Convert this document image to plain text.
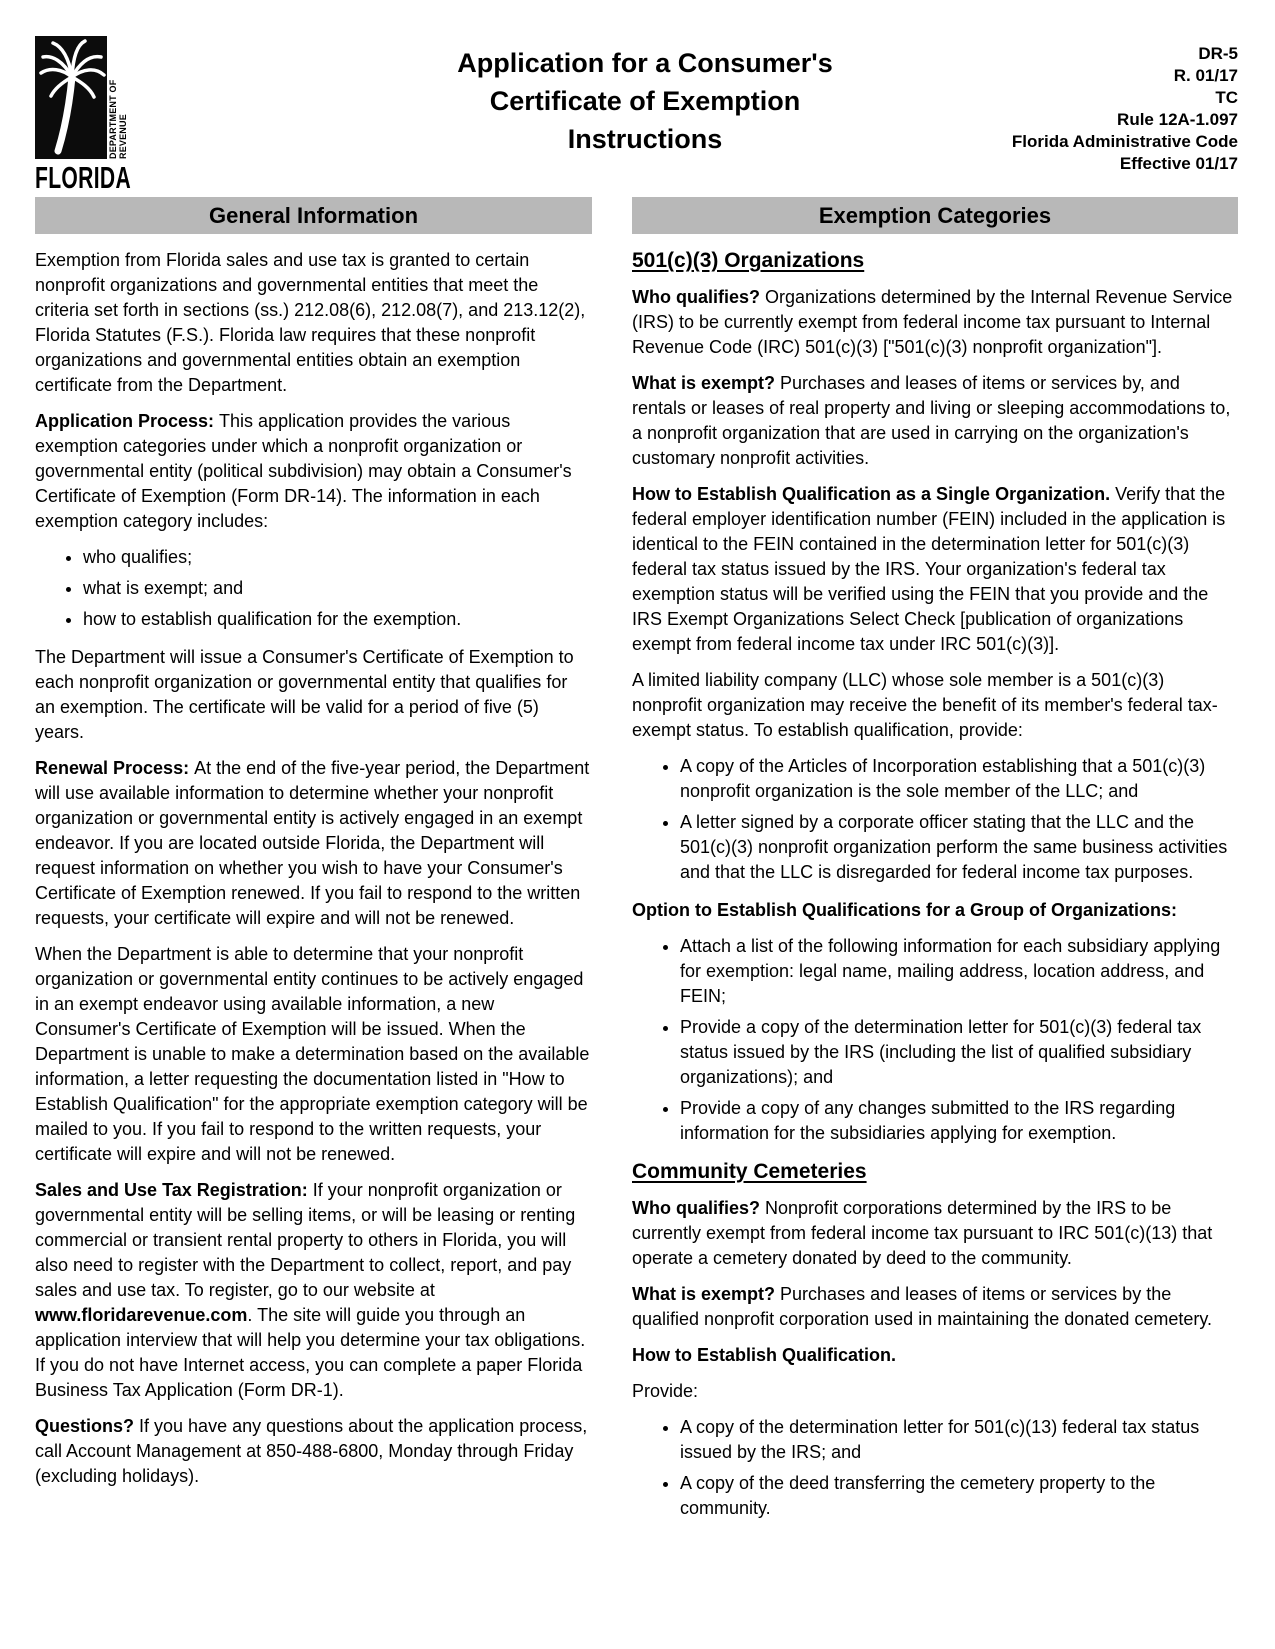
DEPARTMENT OF REVENUE
FLORIDA
Application for a Consumer's
Certificate of Exemption
Instructions
DR-5
R. 01/17
TC
Rule 12A-1.097
Florida Administrative Code
Effective 01/17
General Information

Exemption from Florida sales and use tax is granted to certain nonprofit organizations and governmental entities that meet the criteria set forth in sections (ss.) 212.08(6), 212.08(7), and 213.12(2), Florida Statutes (F.S.). Florida law requires that these nonprofit organizations and governmental entities obtain an exemption certificate from the Department.

Application Process: This application provides the various exemption categories under which a nonprofit organization or governmental entity (political subdivision) may obtain a Consumer's Certificate of Exemption (Form DR-14). The information in each exemption category includes:

• who qualifies;
• what is exempt; and
• how to establish qualification for the exemption.

The Department will issue a Consumer's Certificate of Exemption to each nonprofit organization or governmental entity that qualifies for an exemption. The certificate will be valid for a period of five (5) years.

Renewal Process: At the end of the five-year period, the Department will use available information to determine whether your nonprofit organization or governmental entity is actively engaged in an exempt endeavor. If you are located outside Florida, the Department will request information on whether you wish to have your Consumer's Certificate of Exemption renewed. If you fail to respond to the written requests, your certificate will expire and will not be renewed.

When the Department is able to determine that your nonprofit organization or governmental entity continues to be actively engaged in an exempt endeavor using available information, a new Consumer's Certificate of Exemption will be issued. When the Department is unable to make a determination based on the available information, a letter requesting the documentation listed in "How to Establish Qualification" for the appropriate exemption category will be mailed to you. If you fail to respond to the written requests, your certificate will expire and will not be renewed.

Sales and Use Tax Registration: If your nonprofit organization or governmental entity will be selling items, or will be leasing or renting commercial or transient rental property to others in Florida, you will also need to register with the Department to collect, report, and pay sales and use tax. To register, go to our website at www.floridarevenue.com. The site will guide you through an application interview that will help you determine your tax obligations. If you do not have Internet access, you can complete a paper Florida Business Tax Application (Form DR-1).

Questions? If you have any questions about the application process, call Account Management at 850-488-6800, Monday through Friday (excluding holidays).

Exemption Categories
501(c)(3) Organizations

Who qualifies? Organizations determined by the Internal Revenue Service (IRS) to be currently exempt from federal income tax pursuant to Internal Revenue Code (IRC) 501(c)(3) ["501(c)(3) nonprofit organization"].

What is exempt? Purchases and leases of items or services by, and rentals or leases of real property and living or sleeping accommodations to, a nonprofit organization that are used in carrying on the organization's customary nonprofit activities.

How to Establish Qualification as a Single Organization. Verify that the federal employer identification number (FEIN) included in the application is identical to the FEIN contained in the determination letter for 501(c)(3) federal tax status issued by the IRS. Your organization's federal tax exemption status will be verified using the FEIN that you provide and the IRS Exempt Organizations Select Check [publication of organizations exempt from federal income tax under IRC 501(c)(3)].

A limited liability company (LLC) whose sole member is a 501(c)(3) nonprofit organization may receive the benefit of its member's federal tax-exempt status. To establish qualification, provide:

• A copy of the Articles of Incorporation establishing that a 501(c)(3) nonprofit organization is the sole member of the LLC; and
• A letter signed by a corporate officer stating that the LLC and the 501(c)(3) nonprofit organization perform the same business activities and that the LLC is disregarded for federal income tax purposes.

Option to Establish Qualifications for a Group of Organizations:

• Attach a list of the following information for each subsidiary applying for exemption: legal name, mailing address, location address, and FEIN;
• Provide a copy of the determination letter for 501(c)(3) federal tax status issued by the IRS (including the list of qualified subsidiary organizations); and
• Provide a copy of any changes submitted to the IRS regarding information for the subsidiaries applying for exemption.
Community Cemeteries

Who qualifies? Nonprofit corporations determined by the IRS to be currently exempt from federal income tax pursuant to IRC 501(c)(13) that operate a cemetery donated by deed to the community.

What is exempt? Purchases and leases of items or services by the qualified nonprofit corporation used in maintaining the donated cemetery.

How to Establish Qualification.

Provide:

• A copy of the determination letter for 501(c)(13) federal tax status issued by the IRS; and
• A copy of the deed transferring the cemetery property to the community.
